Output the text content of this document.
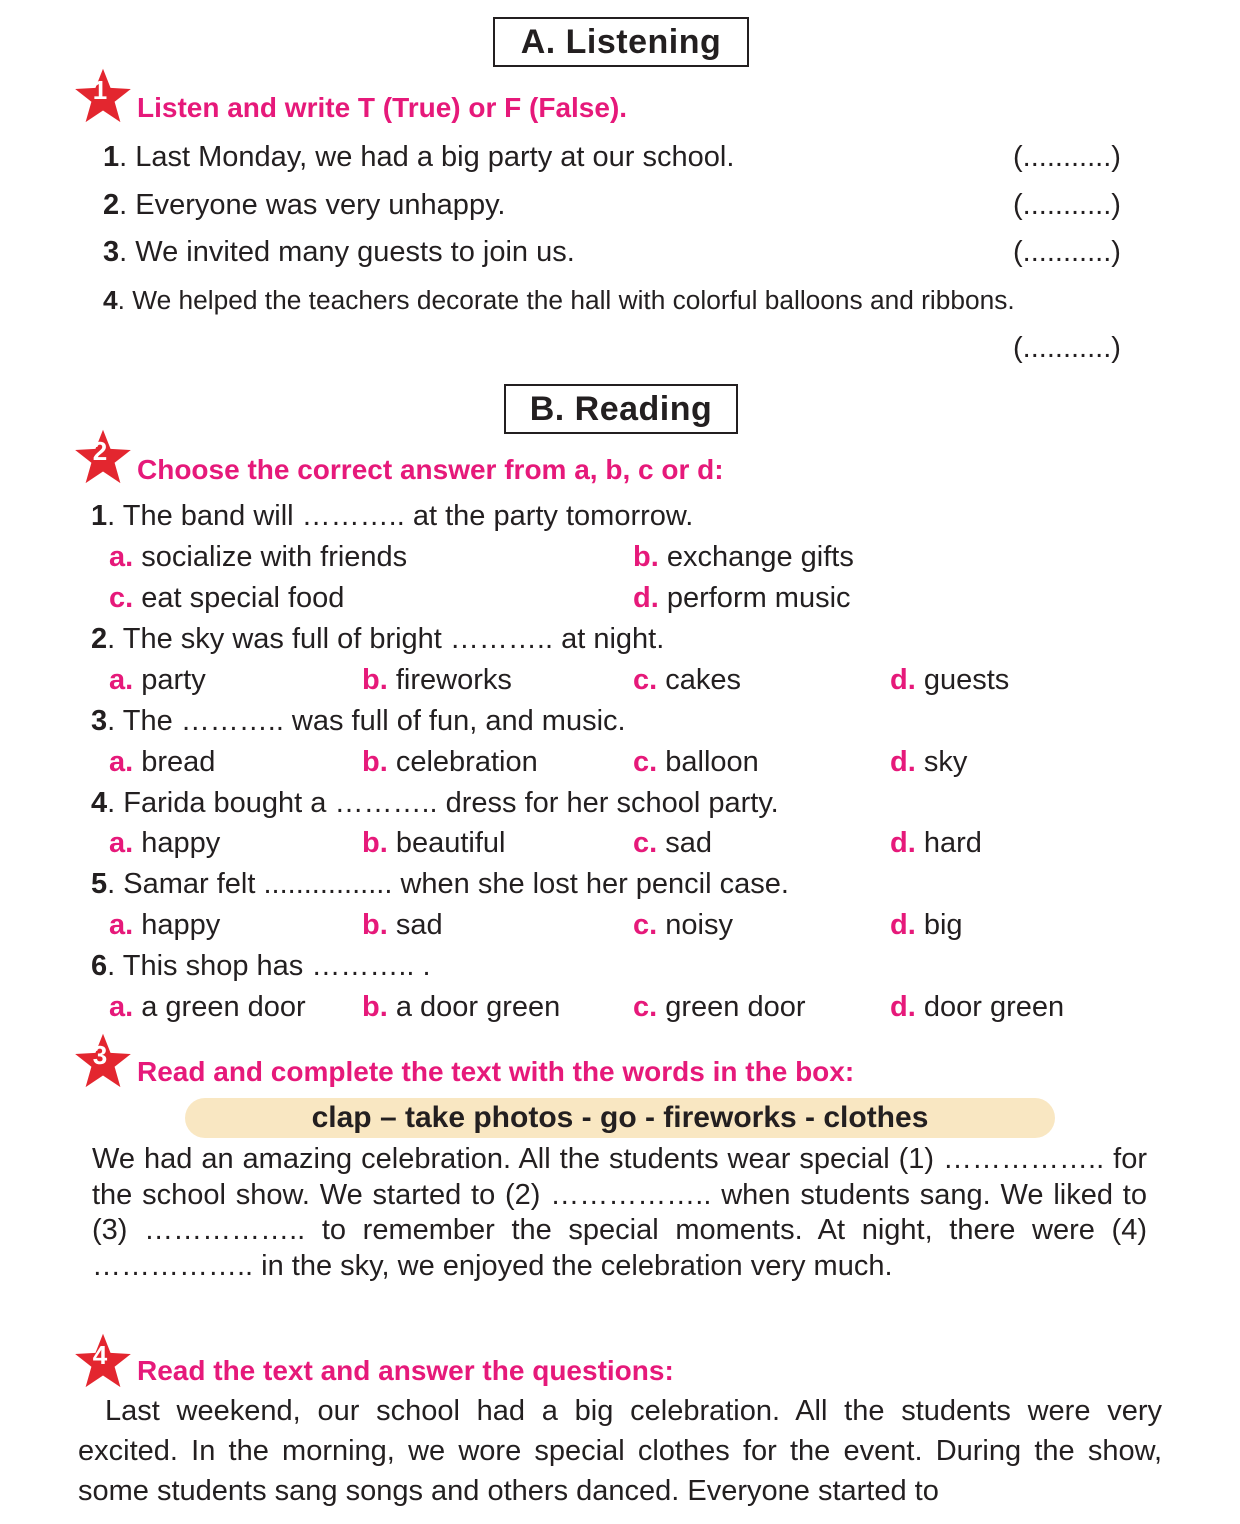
A. Listening
1
Listen and write T (True) or F (False).
1. Last Monday, we had a big party at our school.	(...........)
2. Everyone was very unhappy.	(...........)
3. We invited many guests to join us.	(...........)
4. We helped the teachers decorate the hall with colorful balloons and ribbons.
(...........)
B. Reading
2
Choose the correct answer from a, b, c or d:
1. The band will ……….. at the party tomorrow.
a. socialize with friends	b. exchange gifts
c. eat special food	d. perform music
2. The sky was full of bright ……….. at night.
a. party	b. fireworks	c. cakes	d. guests
3. The ……….. was full of fun, and music.
a. bread	b. celebration	c. balloon	d. sky
4. Farida bought a ……….. dress for her school party.
a. happy	b. beautiful	c. sad	d. hard
5. Samar felt ................ when she lost her pencil case.
a. happy	b. sad	c. noisy	d. big
6. This shop has ……….. .
a. a green door b. a door green	c. green door	d. door green
3
Read and complete the text with the words in the box:
clap – take photos - go - fireworks - clothes
We had an amazing celebration. All the students wear special (1) …………….. for the school show. We started to (2) …………….. when students sang. We liked to (3) …………….. to remember the special moments. At night, there were (4) …………….. in the sky, we enjoyed the celebration very much.
4	Read the text and answer the questions:
Last weekend, our school had a big celebration. All the students were very excited. In the morning, we wore special clothes for the event. During the show, some students sang songs and others danced. Everyone started to
